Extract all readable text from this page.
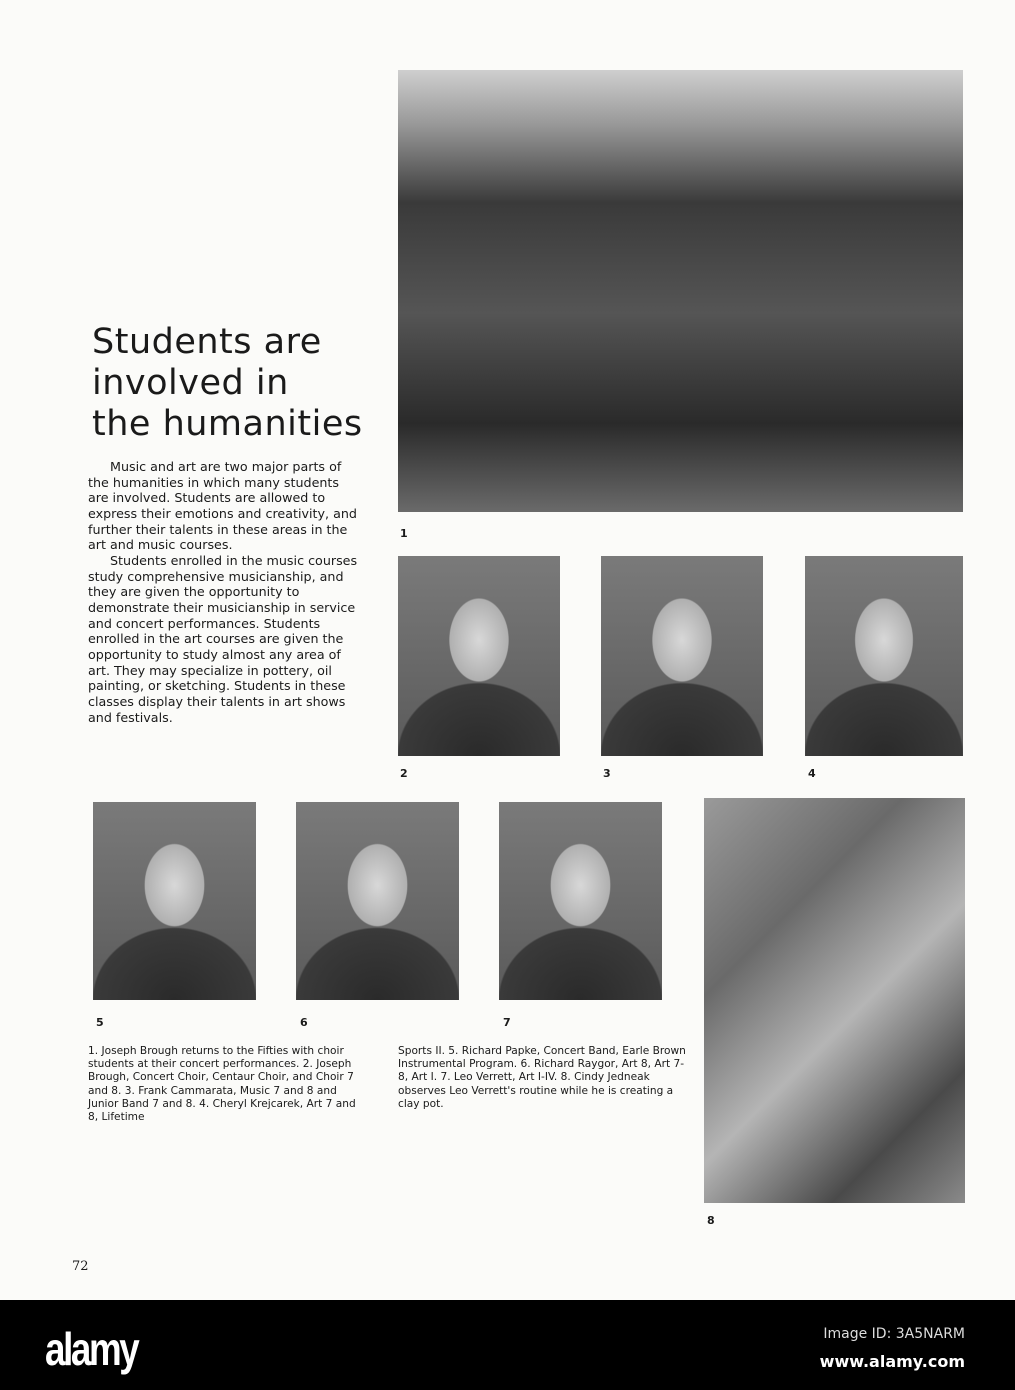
1
2	3	4
5	6	7
8
Students are
involved in
the humanities

Music and art are two major parts of the humanities in which many students are involved. Students are allowed to express their emotions and creativity, and further their talents in these areas in the art and music courses.

Students enrolled in the music courses study comprehensive musicianship, and they are given the opportunity to demonstrate their musicianship in service and concert performances. Students enrolled in the art courses are given the opportunity to study almost any area of art. They may specialize in pottery, oil painting, or sketching. Students in these classes display their talents in art shows and festivals.

1. Joseph Brough returns to the Fifties with choir students at their concert performances. 2. Joseph Brough, Concert Choir, Centaur Choir, and Choir 7 and 8. 3. Frank Cammarata, Music 7 and 8 and Junior Band 7 and 8. 4. Cheryl Krejcarek, Art 7 and 8, Lifetime
Sports II. 5. Richard Papke, Concert Band, Earle Brown Instrumental Program. 6. Richard Raygor, Art 8, Art 7-8, Art I. 7. Leo Verrett, Art I-IV. 8. Cindy Jedneak observes Leo Verrett's routine while he is creating a clay pot.
72
alamy	Image ID: 3A5NARM
www.alamy.com
